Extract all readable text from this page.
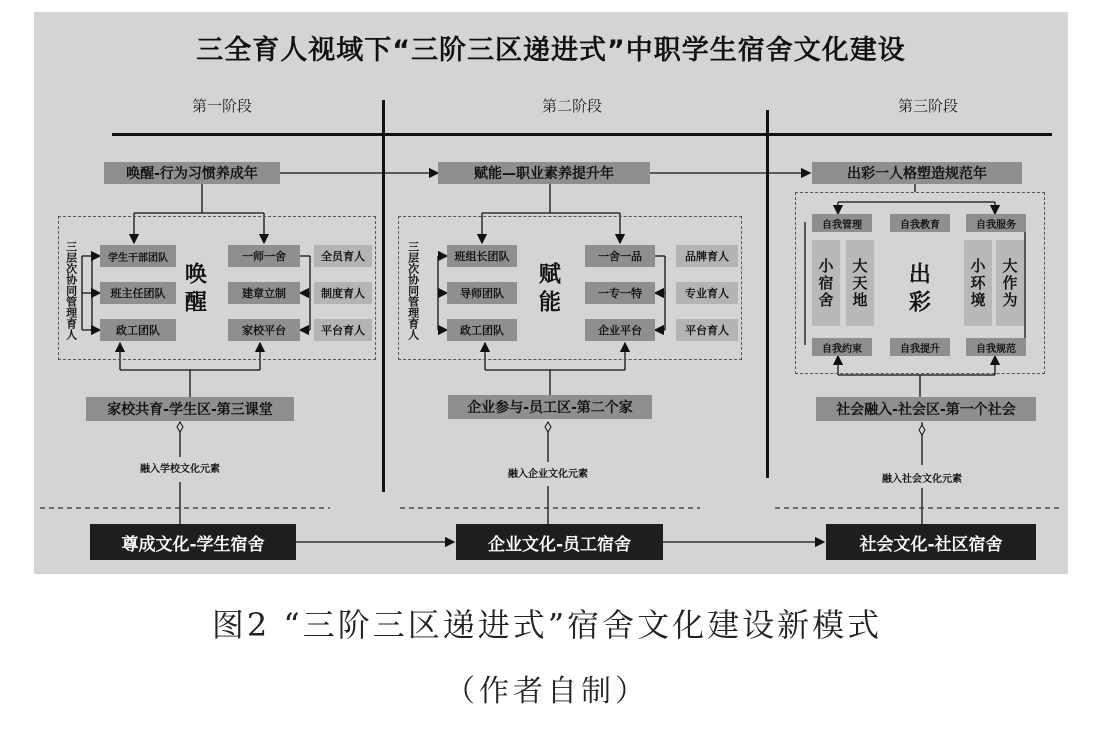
三全育人视域下“三阶三区递进式”中职学生宿舍文化建设
第一阶段	第二阶段	第三阶段
唤醒-行为习惯养成年	赋能—职业素养提升年	出彩一人格塑造规范年
三层次协同管理育人	学生干部团队
班主任团队
政工团队
唤醒
一师一舍
建章立制
家校平台
全员育人
制度育人
平台育人
家校共育-学生区-第三课堂
融入学校文化元素
尊成文化-学生宿舍
三层次协同管理育人	班组长团队
导师团队
政工团队
赋能
一舍一品
一专一特
企业平台
品牌育人
专业育人
平台育人
企业参与-员工区-第二个家
融入企业文化元素
企业文化-员工宿舍
自我管理	自我教育	自我服务
小宿舍	大天地 出彩	小环境 大作为
自我约束	自我提升	自我规范
社会融入-社会区-第一个社会
融入社会文化元素
社会文化-社区宿舍
图2 “三阶三区递进式”宿舍文化建设新模式
（作者自制）
